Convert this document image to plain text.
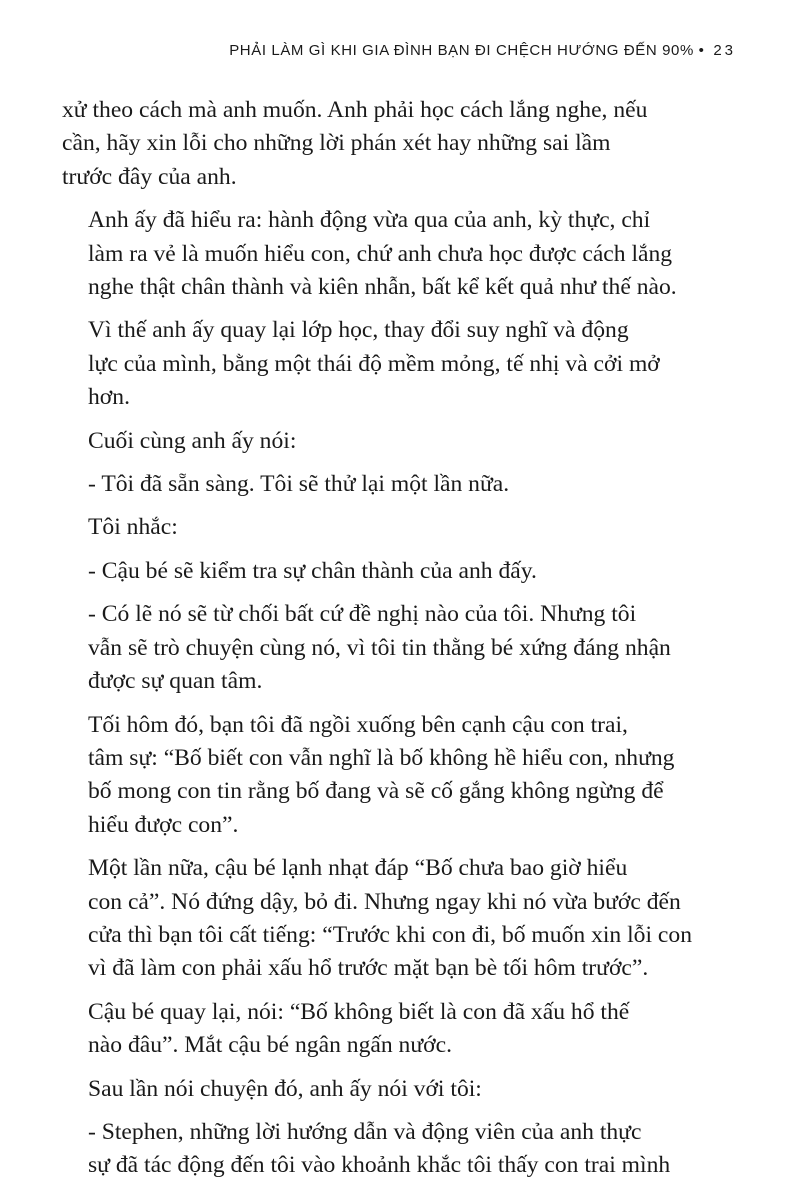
PHẢI LÀM GÌ KHI GIA ĐÌNH BẠN ĐI CHỆCH HƯỚNG ĐẾN 90% • 23

xử theo cách mà anh muốn. Anh phải học cách lắng nghe, nếu
cần, hãy xin lỗi cho những lời phán xét hay những sai lầm
trước đây của anh.

Anh ấy đã hiểu ra: hành động vừa qua của anh, kỳ thực, chỉ
làm ra vẻ là muốn hiểu con, chứ anh chưa học được cách lắng
nghe thật chân thành và kiên nhẫn, bất kể kết quả như thế nào.

Vì thế anh ấy quay lại lớp học, thay đổi suy nghĩ và động
lực của mình, bằng một thái độ mềm mỏng, tế nhị và cởi mở
hơn.

Cuối cùng anh ấy nói:

- Tôi đã sẵn sàng. Tôi sẽ thử lại một lần nữa.

Tôi nhắc:

- Cậu bé sẽ kiểm tra sự chân thành của anh đấy.

- Có lẽ nó sẽ từ chối bất cứ đề nghị nào của tôi. Nhưng tôi
vẫn sẽ trò chuyện cùng nó, vì tôi tin thằng bé xứng đáng nhận
được sự quan tâm.

Tối hôm đó, bạn tôi đã ngồi xuống bên cạnh cậu con trai,
tâm sự: “Bố biết con vẫn nghĩ là bố không hề hiểu con, nhưng
bố mong con tin rằng bố đang và sẽ cố gắng không ngừng để
hiểu được con”.

Một lần nữa, cậu bé lạnh nhạt đáp “Bố chưa bao giờ hiểu
con cả”. Nó đứng dậy, bỏ đi. Nhưng ngay khi nó vừa bước đến
cửa thì bạn tôi cất tiếng: “Trước khi con đi, bố muốn xin lỗi con
vì đã làm con phải xấu hổ trước mặt bạn bè tối hôm trước”.

Cậu bé quay lại, nói: “Bố không biết là con đã xấu hổ thế
nào đâu”. Mắt cậu bé ngân ngấn nước.

Sau lần nói chuyện đó, anh ấy nói với tôi:

- Stephen, những lời hướng dẫn và động viên của anh thực
sự đã tác động đến tôi vào khoảnh khắc tôi thấy con trai mình
